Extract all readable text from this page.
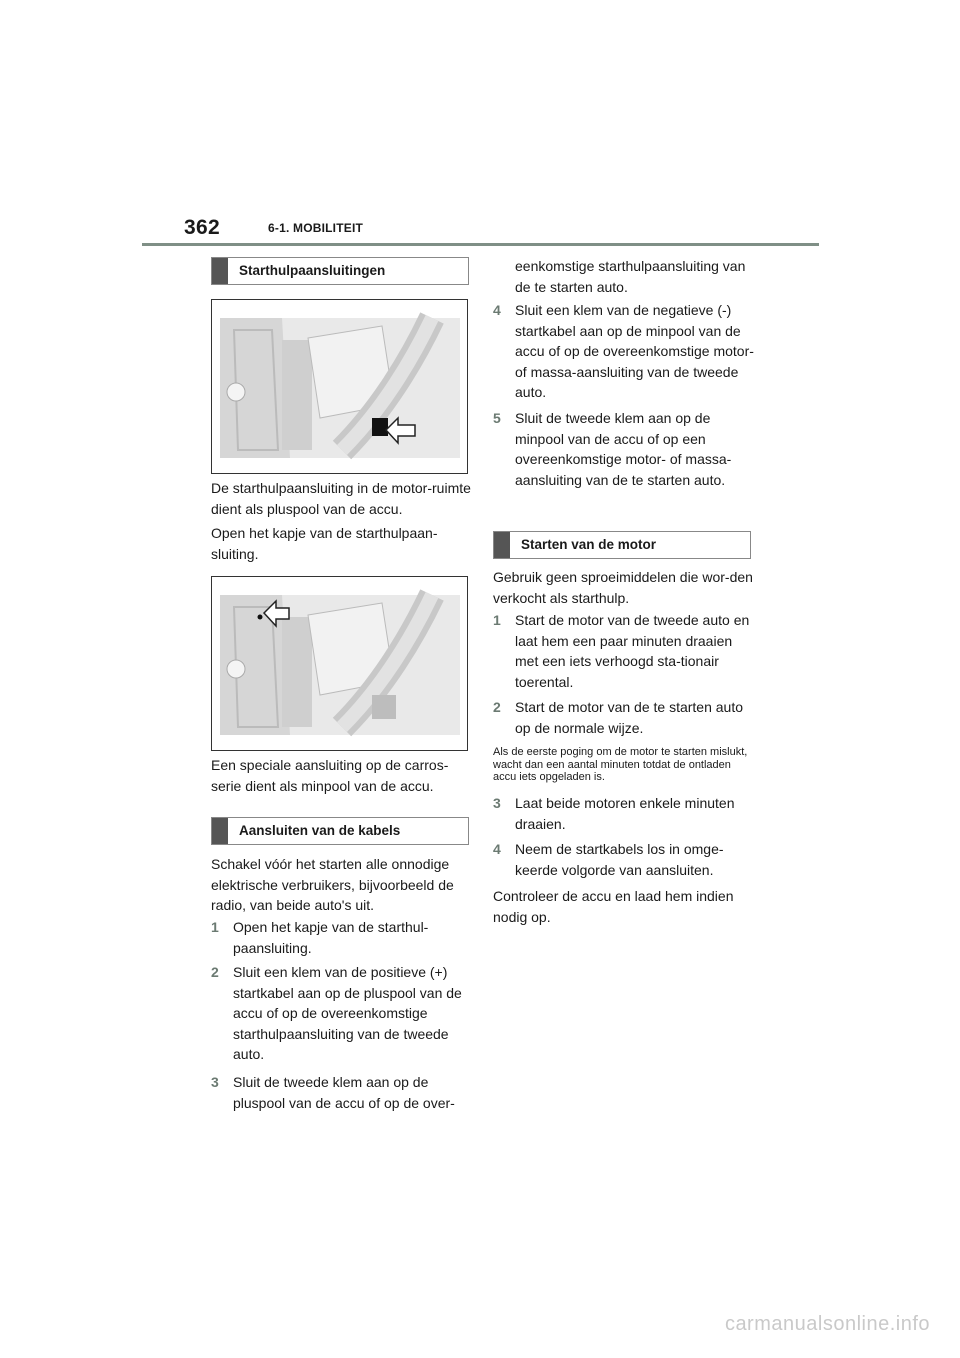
362	6-1. MOBILITEIT
Starthulpaansluitingen
De starthulpaansluiting in de motor-ruimte dient als pluspool van de accu.
Open het kapje van de starthulpaan-sluiting.
Een speciale aansluiting op de carros-serie dient als minpool van de accu.
Aansluiten van de kabels
Schakel vóór het starten alle onnodige elektrische verbruikers, bijvoorbeeld de radio, van beide auto's uit.
1 Open het kapje van de starthul-paansluiting.
2 Sluit een klem van de positieve (+) startkabel aan op de pluspool van de accu of op de overeenkomstige starthulpaansluiting van de tweede auto.
3 Sluit de tweede klem aan op de pluspool van de accu of op de over-
eenkomstige starthulpaansluiting van de te starten auto.
4 Sluit een klem van de negatieve (-) startkabel aan op de minpool van de accu of op de overeenkomstige motor- of massa-aansluiting van de tweede auto.
5 Sluit de tweede klem aan op de minpool van de accu of op een overeenkomstige motor- of massa-aansluiting van de te starten auto.
Starten van de motor
Gebruik geen sproeimiddelen die wor-den verkocht als starthulp.
1 Start de motor van de tweede auto en laat hem een paar minuten draaien met een iets verhoogd sta-tionair toerental.
2 Start de motor van de te starten auto op de normale wijze.
Als de eerste poging om de motor te starten mislukt, wacht dan een aantal minuten totdat de ontladen accu iets opgeladen is.
3 Laat beide motoren enkele minuten draaien.
4 Neem de startkabels los in omge-keerde volgorde van aansluiten.
Controleer de accu en laad hem indien nodig op.
carmanualsonline.info
